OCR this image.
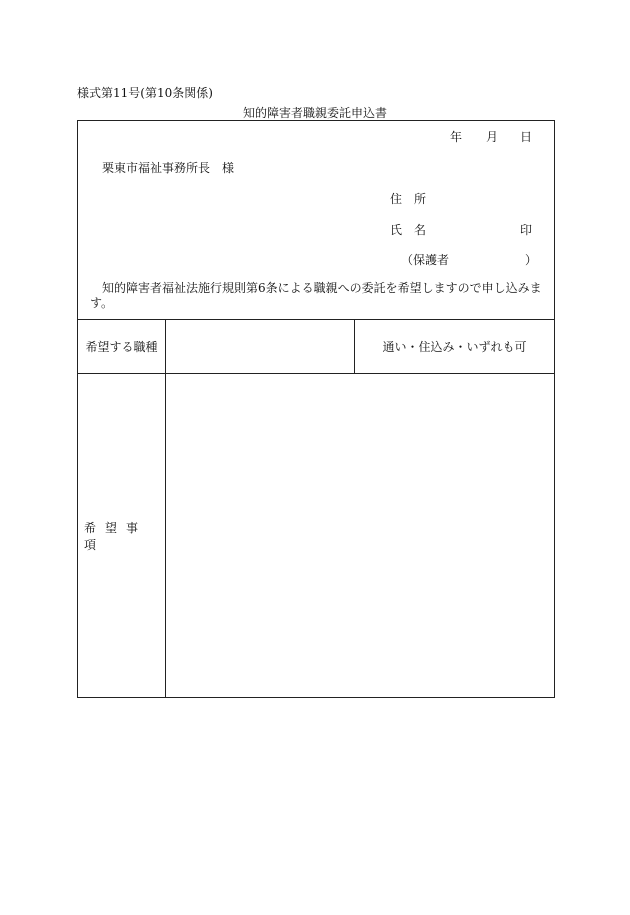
様式第11号(第10条関係)
知的障害者職親委託申込書
年 月 日
栗東市福祉事務所長　様
住　所
氏　名	印
（保護者	）
知的障害者福祉法施行規則第6条による職親への委託を希望しますので申し込みます。
希望する職種	通い・住込み・いずれも可
希望事項
